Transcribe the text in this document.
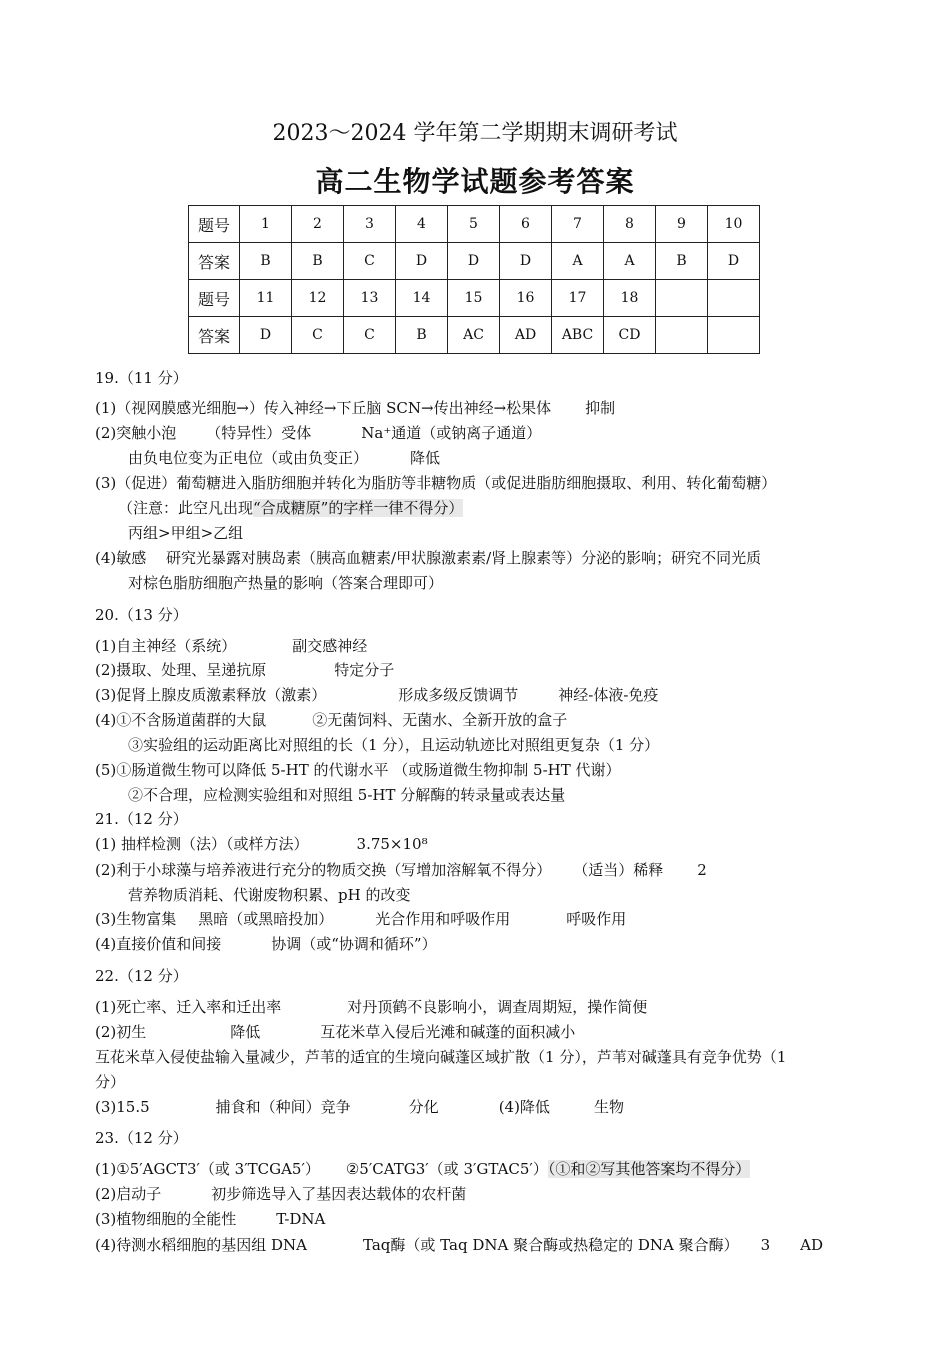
2023～2024 学年第二学期期末调研考试
高二生物学试题参考答案
题号	1	2	3	4	5	6	7	8	9	10
答案	B	B	C	D	D	D	A	A	B	D
题号	11	12	13	14	15	16	17	18		
答案	D	C	C	B	AC	AD	ABC	CD		
19.（11 分）
(1)（视网膜感光细胞→）传入神经→下丘脑 SCN→传出神经→松果体 抑制
(2)突触小泡 （特异性）受体	Na⁺通道（或钠离子通道）
由负电位变为正电位（或由负变正）	降低
(3)（促进）葡萄糖进入脂肪细胞并转化为脂肪等非糖物质（或促进脂肪细胞摄取、利用、转化葡萄糖）
（注意：此空凡出现“合成糖原”的字样一律不得分）
丙组>甲组>乙组
(4)敏感　 研究光暴露对胰岛素（胰高血糖素/甲状腺激素素/肾上腺素等）分泌的影响；研究不同光质
对棕色脂肪细胞产热量的影响（答案合理即可）
20.（13 分）
(1)自主神经（系统）	副交感神经
(2)摄取、处理、呈递抗原	特定分子
(3)促肾上腺皮质激素释放（激素）	形成多级反馈调节	神经-体液-免疫
(4)①不含肠道菌群的大鼠	②无菌饲料、无菌水、全新开放的盒子
③实验组的运动距离比对照组的长（1 分），且运动轨迹比对照组更复杂（1 分）
(5)①肠道微生物可以降低 5-HT 的代谢水平 （或肠道微生物抑制 5-HT 代谢）
②不合理，应检测实验组和对照组 5-HT 分解酶的转录量或表达量
21.（12 分）
(1) 抽样检测（法）（或样方法）	3.75×10⁸
(2)利于小球藻与培养液进行充分的物质交换（写增加溶解氧不得分） （适当）稀释 2
营养物质消耗、代谢废物积累、pH 的改变
(3)生物富集 黑暗（或黑暗投加）	光合作用和呼吸作用	呼吸作用
(4)直接价值和间接	协调（或“协调和循环”）
22.（12 分）
(1)死亡率、迁入率和迁出率	对丹顶鹤不良影响小，调查周期短，操作简便
(2)初生	降低	互花米草入侵后光滩和碱蓬的面积减小
互花米草入侵使盐输入量减少，芦苇的适宜的生境向碱蓬区域扩散（1 分），芦苇对碱蓬具有竞争优势（1
分）
(3)15.5	捕食和（种间）竞争	分化	(4)降低	生物
23.（12 分）
(1)①5′AGCT3′（或 3′TCGA5′） ②5′CATG3′（或 3′GTAC5′）（①和②写其他答案均不得分）
(2)启动子	初步筛选导入了基因表达载体的农杆菌
(3)植物细胞的全能性	T-DNA
(4)待测水稻细胞的基因组 DNA	Taq酶（或 Taq DNA 聚合酶或热稳定的 DNA 聚合酶） 3 AD
